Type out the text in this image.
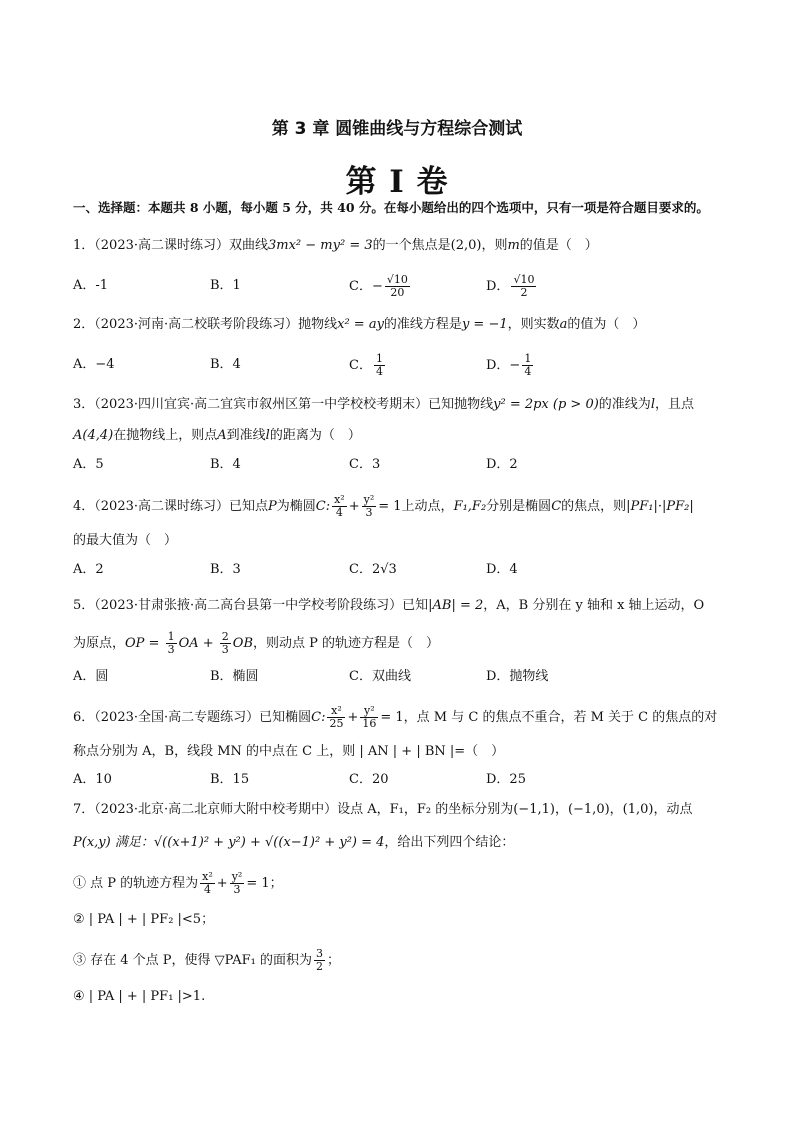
第 3 章 圆锥曲线与方程综合测试
第 I 卷
一、选择题：本题共 8 小题，每小题 5 分，共 40 分。在每小题给出的四个选项中，只有一项是符合题目要求的。
1．（2023·高二课时练习）双曲线3mx² − my² = 3的一个焦点是(2,0)，则m的值是（　）
A．-1	B．1	C．− $\frac{√10}{20}$	D． $\frac{√10}{2}$
2．（2023·河南·高二校联考阶段练习）抛物线x² = ay的准线方程是y = −1，则实数a的值为（　）
A．−4	B．4	C． $\frac{1}{4}$	D．− $\frac{1}{4}$
3．（2023·四川宜宾·高二宜宾市叙州区第一中学校校考期末）已知抛物线y² = 2px (p > 0)的准线为l，且点
A(4,4)在抛物线上，则点A到准线l的距离为（　）
A．5	B．4	C．3	D．2
4．（2023·高二课时练习）已知点P为椭圆C: $\frac{\text{x²}}{4} + \frac{\text{y²}}{3} = 1$上动点，F₁,F₂分别是椭圆C的焦点，则|PF₁|·|PF₂|
的最大值为（　）
A．2	B．3	C．2√3	D．4
5．（2023·甘肃张掖·高二高台县第一中学校考阶段练习）已知|AB| = 2，A，B 分别在 y 轴和 x 轴上运动，O
为原点，OP = $\frac{1}{3}$ OA + $\frac{2}{3}$ OB，则动点 P 的轨迹方程是（　）
A．圆	B．椭圆	C．双曲线	D．抛物线
6．（2023·全国·高二专题练习）已知椭圆C: $\frac{\text{x²}}{25} + \frac{\text{y²}}{16} = 1$，点 M 与 C 的焦点不重合，若 M 关于 C 的焦点的对
称点分别为 A，B，线段 MN 的中点在 C 上，则 | AN | + | BN |=（　）
A．10	B．15	C．20	D．25
7．（2023·北京·高二北京师大附中校考期中）设点 A，F₁，F₂ 的坐标分别为(−1,1)，(−1,0)，(1,0)，动点
P(x,y) 满足：√((x+1)² + y²) + √((x−1)² + y²) = 4，给出下列四个结论：
① 点 P 的轨迹方程为 $\frac{\text{x²}}{4} + \frac{\text{y²}}{3} = 1$；
② | PA | + | PF₂ |<5；
③ 存在 4 个点 P，使得 ▽PAF₁ 的面积为 $\frac{3}{2}$ ；
④ | PA | + | PF₁ |>1.
